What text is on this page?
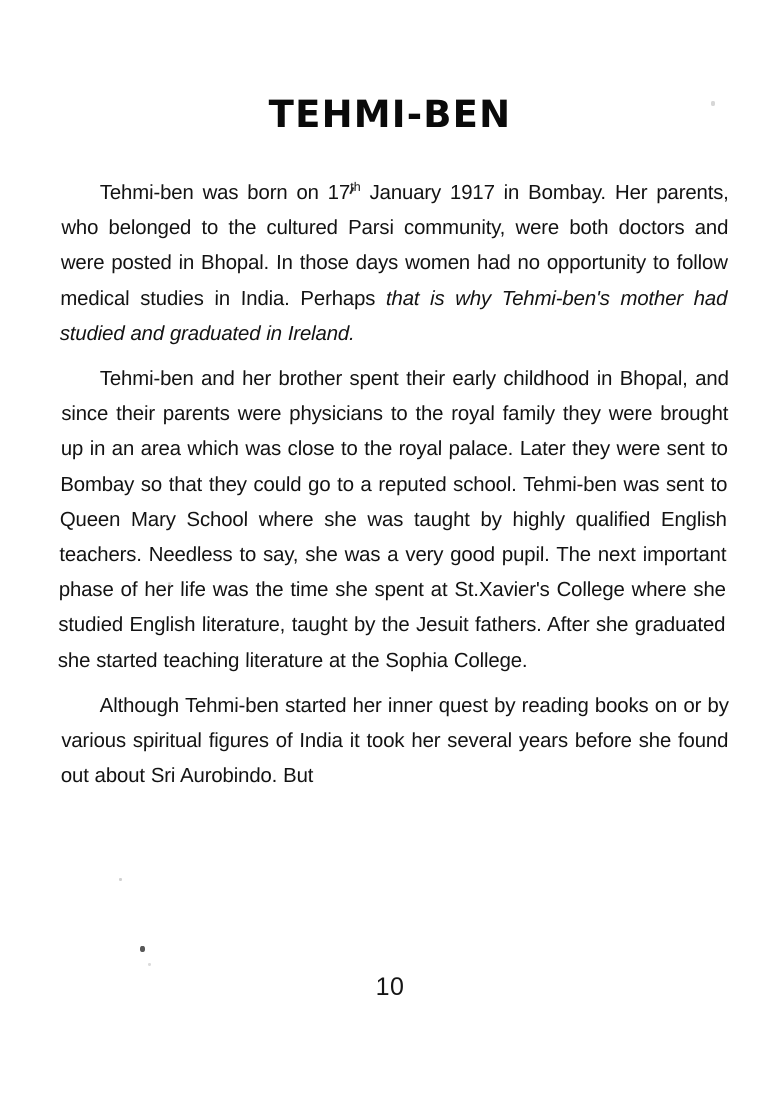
TEHMI-BEN

Tehmi-ben was born on 17th January 1917 in Bombay. Her parents, who belonged to the cultured Parsi community, were both doctors and were posted in Bhopal. In those days women had no opportunity to follow medical studies in India. Perhaps that is why Tehmi-ben's mother had studied and graduated in Ireland.

Tehmi-ben and her brother spent their early childhood in Bhopal, and since their parents were physicians to the royal family they were brought up in an area which was close to the royal palace. Later they were sent to Bombay so that they could go to a reputed school. Tehmi-ben was sent to Queen Mary School where she was taught by highly qualified English teachers. Needless to say, she was a very good pupil. The next important phase of her life was the time she spent at St.Xavier's College where she studied English literature, taught by the Jesuit fathers. After she graduated she started teaching literature at the Sophia College.

Although Tehmi-ben started her inner quest by reading books on or by various spiritual figures of India it took her several years before she found out about Sri Aurobindo. But

10
